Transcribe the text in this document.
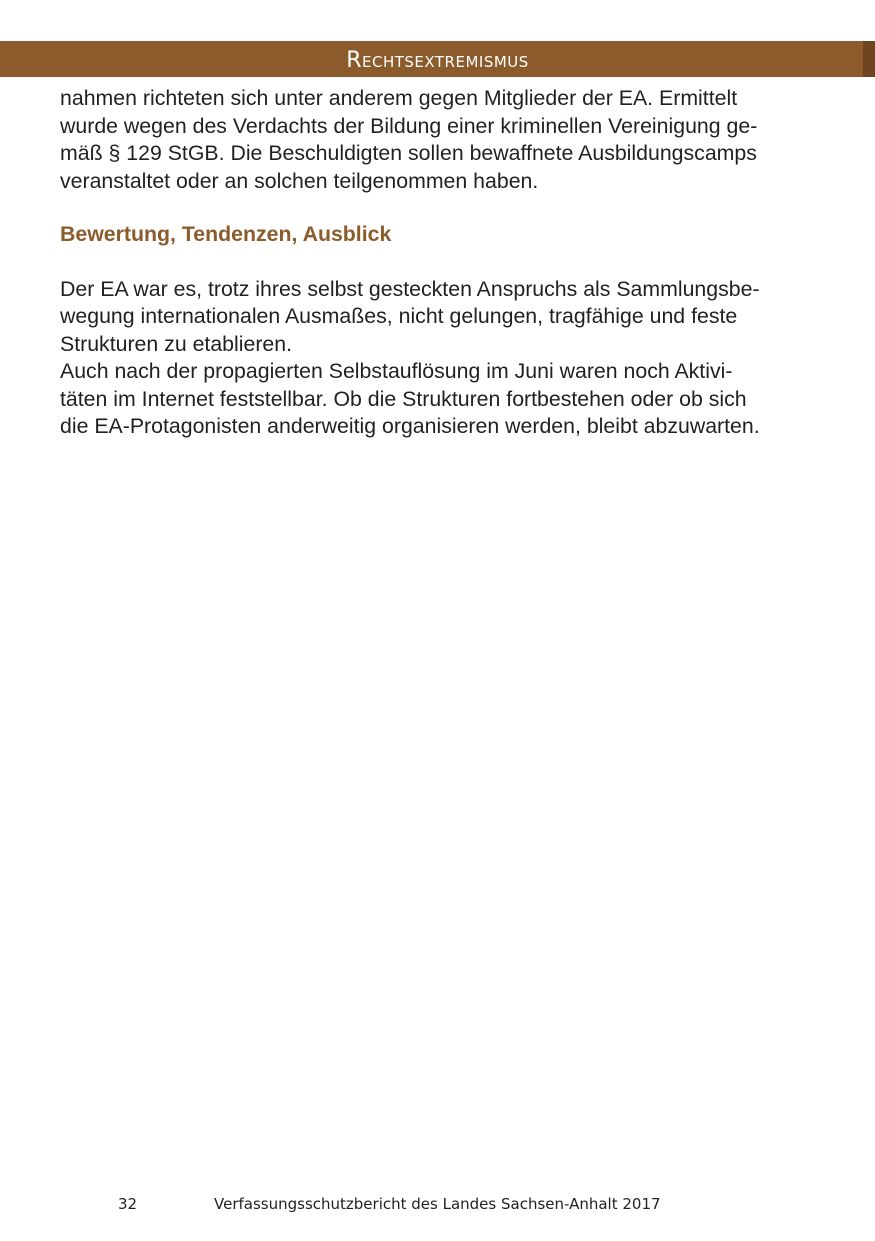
Rechtsextremismus

nahmen richteten sich unter anderem gegen Mitglieder der EA. Ermittelt
wurde wegen des Verdachts der Bildung einer kriminellen Vereinigung ge-
mäß § 129 StGB. Die Beschuldigten sollen bewaffnete Ausbildungscamps
veranstaltet oder an solchen teilgenommen haben.

Bewertung, Tendenzen, Ausblick

Der EA war es, trotz ihres selbst gesteckten Anspruchs als Sammlungsbe-
wegung internationalen Ausmaßes, nicht gelungen, tragfähige und feste
Strukturen zu etablieren.

Auch nach der propagierten Selbstauflösung im Juni waren noch Aktivi-
täten im Internet feststellbar. Ob die Strukturen fortbestehen oder ob sich
die EA-Protagonisten anderweitig organisieren werden, bleibt abzuwarten.

32	Verfassungsschutzbericht des Landes Sachsen-Anhalt 2017
